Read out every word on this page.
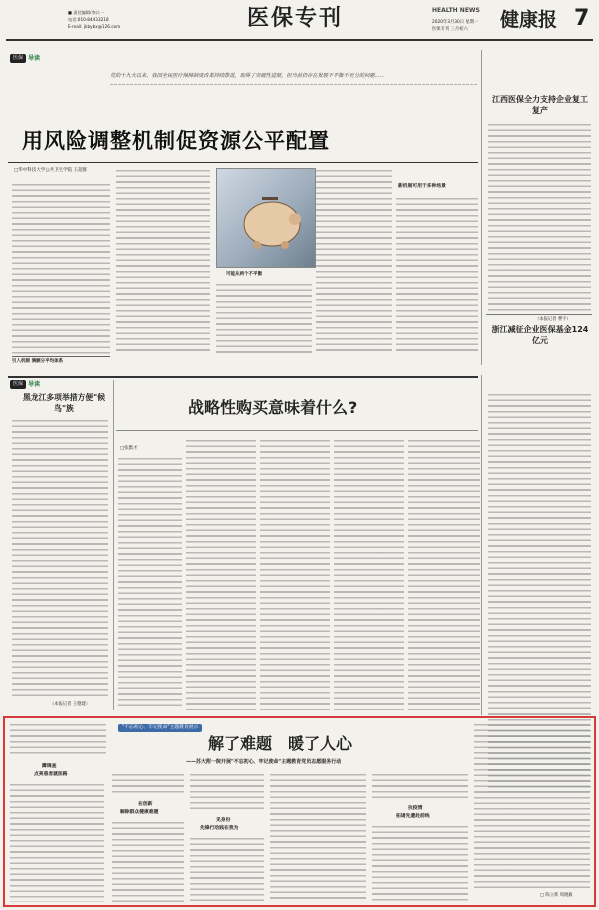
■ 责任编辑/李兵一
电话:010-84433218
E-mail: jkbybx@126.com	医保专刊	HEALTH NEWS
2020年3月30日 星期一
医保专刊 三月初六 健康报 7
医保 导读
党的十九大以来，我国全民医疗保障制度改革持续推进，取得了突破性进展，但当前仍存在发展不平衡不充分的问题……
用风险调整机制促资源公平配置
江西医保全力支持企业复工复产
（本报记者 曹宇）
浙江减征企业医保基金124亿元
□华中科技大学公共卫生学院 王超群
可能从两个不平衡
新机制可用于多种场景
引入机制 满额分平均体系
医保 导读
黑龙江多项举措方便"候鸟"族
（本报记者 王德建）
战略性购买意味着什么?
□张默才
蹲调查
点亮患者就医路
"不忘初心、牢记使命"主题教育展示
解了难题　暖了人心
——苏大附一院开展"不忘初心、牢记使命"主题教育党员志愿服务行动
在创新
解除群众健康难题
见身份
先锋行动践在我为
抗疫情
拓诸先遣赴前线
□ 陈立新 周晓毅
